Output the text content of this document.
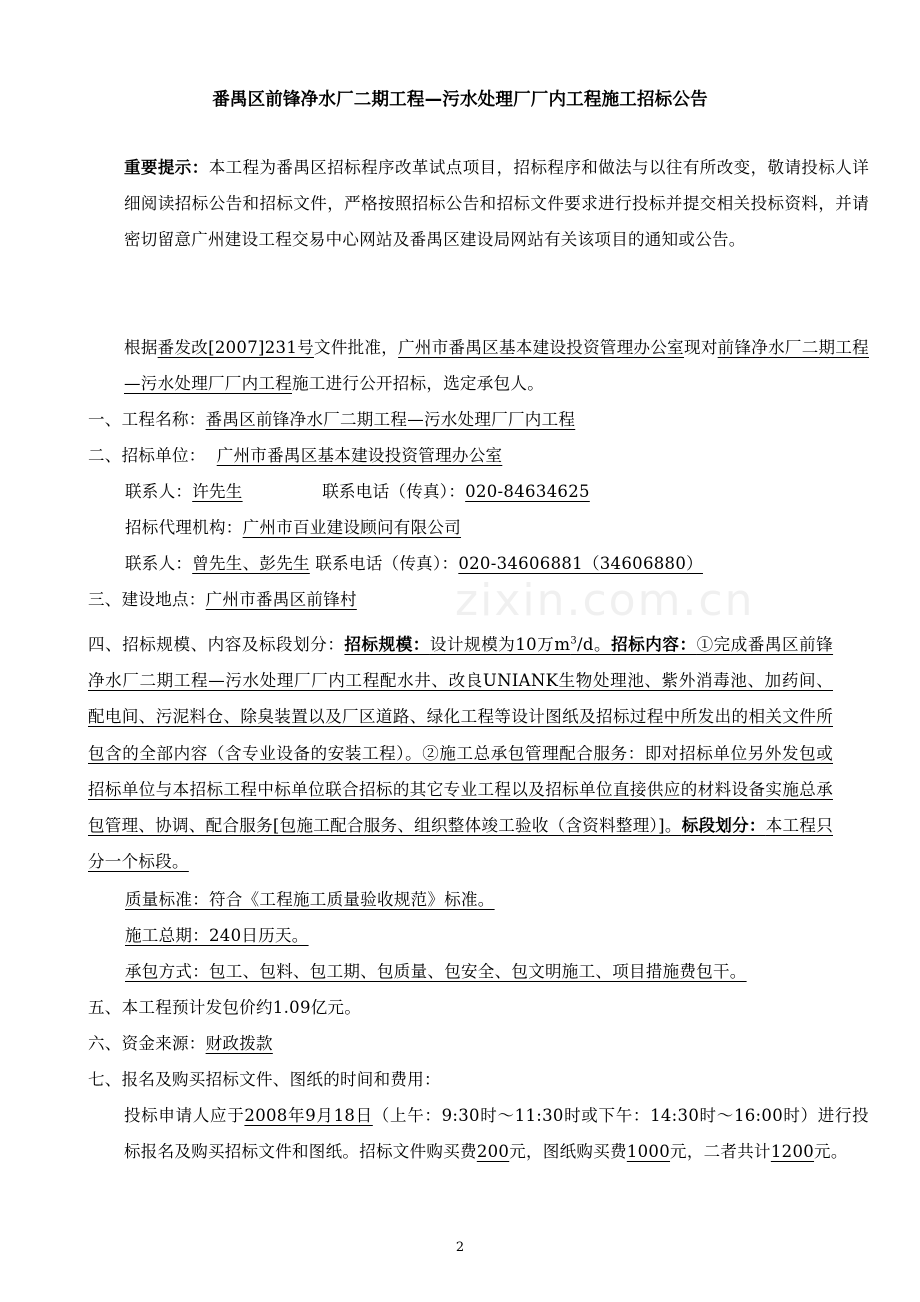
番禺区前锋净水厂二期工程—污水处理厂厂内工程施工招标公告
重要提示：本工程为番禺区招标程序改革试点项目，招标程序和做法与以往有所改变，敬请投标人详细阅读招标公告和招标文件，严格按照招标公告和招标文件要求进行投标并提交相关投标资料，并请密切留意广州建设工程交易中心网站及番禺区建设局网站有关该项目的通知或公告。
根据番发改[2007]231号文件批准，广州市番禺区基本建设投资管理办公室现对前锋净水厂二期工程—污水处理厂厂内工程施工进行公开招标，选定承包人。
一、工程名称：番禺区前锋净水厂二期工程—污水处理厂厂内工程
二、招标单位： 广州市番禺区基本建设投资管理办公室
联系人：许先生	联系电话（传真）：020-84634625
招标代理机构：广州市百业建设顾问有限公司
联系人：曾先生、彭先生 联系电话（传真）：020-34606881（34606880）
三、建设地点：广州市番禺区前锋村	zixin.com.cn
四、招标规模、内容及标段划分：招标规模：设计规模为10万$m^3/d$。招标内容：①完成番禺区前锋净水厂二期工程—污水处理厂厂内工程配水井、改良UNIANK生物处理池、紫外消毒池、加药间、配电间、污泥料仓、除臭装置以及厂区道路、绿化工程等设计图纸及招标过程中所发出的相关文件所包含的全部内容（含专业设备的安装工程）。②施工总承包管理配合服务：即对招标单位另外发包或招标单位与本招标工程中标单位联合招标的其它专业工程以及招标单位直接供应的材料设备实施总承包管理、协调、配合服务[包施工配合服务、组织整体竣工验收（含资料整理）]。标段划分：本工程只分一个标段。
质量标准：符合《工程施工质量验收规范》标准。
施工总期：240日历天。
承包方式：包工、包料、包工期、包质量、包安全、包文明施工、项目措施费包干。
五、本工程预计发包价约1.09亿元。
六、资金来源：财政拨款
七、报名及购买招标文件、图纸的时间和费用：
投标申请人应于2008年9月18日（上午：9:30时～11:30时或下午：14:30时～16:00时）进行投标报名及购买招标文件和图纸。招标文件购买费200元，图纸购买费1000元，二者共计1200元。
2
